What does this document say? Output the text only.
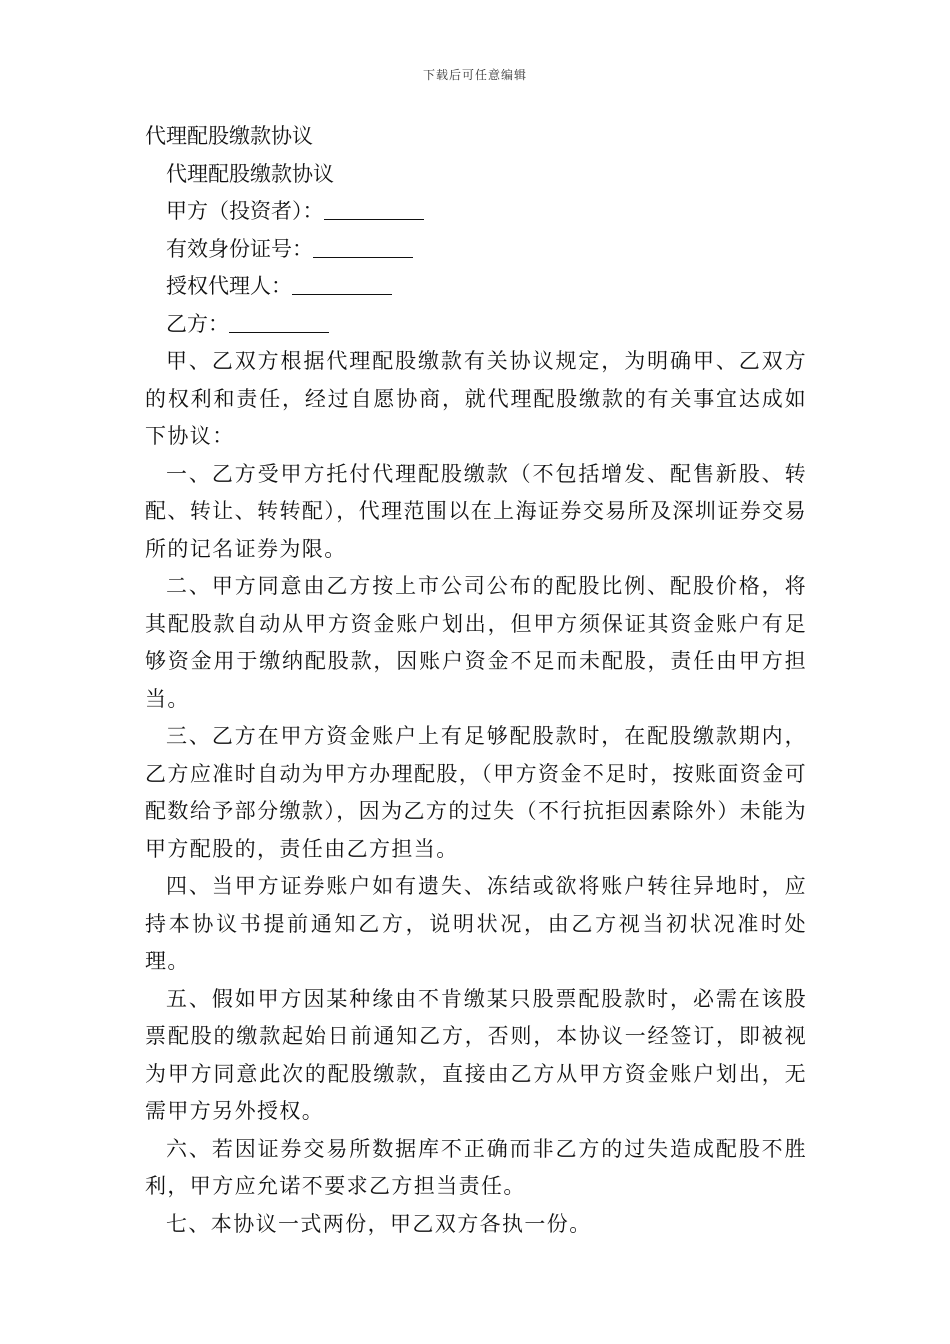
下载后可任意编辑

代理配股缴款协议

代理配股缴款协议

甲方（投资者）：

有效身份证号：

授权代理人：

乙方：

甲、乙双方根据代理配股缴款有关协议规定，为明确甲、乙双方的权利和责任，经过自愿协商，就代理配股缴款的有关事宜达成如下协议：

一、乙方受甲方托付代理配股缴款（不包括增发、配售新股、转配、转让、转转配），代理范围以在上海证券交易所及深圳证券交易所的记名证券为限。

二、甲方同意由乙方按上市公司公布的配股比例、配股价格，将其配股款自动从甲方资金账户划出，但甲方须保证其资金账户有足够资金用于缴纳配股款，因账户资金不足而未配股，责任由甲方担当。

三、乙方在甲方资金账户上有足够配股款时，在配股缴款期内，乙方应准时自动为甲方办理配股，（甲方资金不足时，按账面资金可配数给予部分缴款），因为乙方的过失（不行抗拒因素除外）未能为甲方配股的，责任由乙方担当。

四、当甲方证券账户如有遗失、冻结或欲将账户转往异地时，应持本协议书提前通知乙方，说明状况，由乙方视当初状况准时处理。

五、假如甲方因某种缘由不肯缴某只股票配股款时，必需在该股票配股的缴款起始日前通知乙方，否则，本协议一经签订，即被视为甲方同意此次的配股缴款，直接由乙方从甲方资金账户划出，无需甲方另外授权。

六、若因证券交易所数据库不正确而非乙方的过失造成配股不胜利，甲方应允诺不要求乙方担当责任。

七、本协议一式两份，甲乙双方各执一份。
